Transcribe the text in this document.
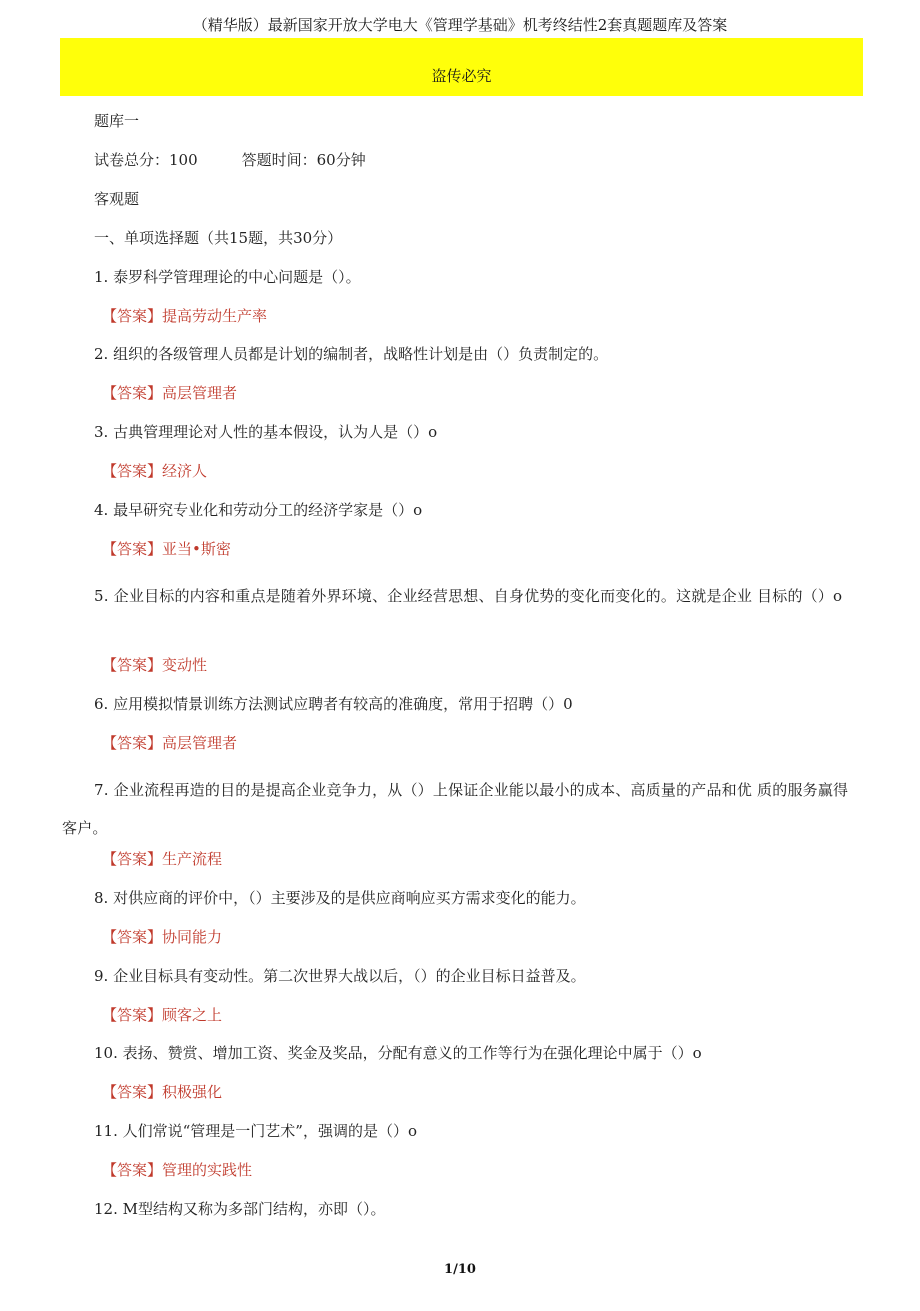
（精华版）最新国家开放大学电大《管理学基础》机考终结性2套真题题库及答案
盗传必究
题库一
试卷总分：100	答题时间：60分钟
客观题
一、单项选择题（共15题，共30分）
1. 泰罗科学管理理论的中心问题是（）。
【答案】提高劳动生产率
2. 组织的各级管理人员都是计划的编制者，战略性计划是由（）负责制定的。
【答案】高层管理者
3. 古典管理理论对人性的基本假设，认为人是（）o
【答案】经济人
4. 最早研究专业化和劳动分工的经济学家是（）o
【答案】亚当•斯密
5. 企业目标的内容和重点是随着外界环境、企业经营思想、自身优势的变化而变化的。这就是企业 目标的（）o
【答案】变动性
6. 应用模拟情景训练方法测试应聘者有较高的准确度，常用于招聘（）0
【答案】高层管理者
7. 企业流程再造的目的是提高企业竞争力，从（）上保证企业能以最小的成本、高质量的产品和优 质的服务赢得客户。
【答案】生产流程
8. 对供应商的评价中，（）主要涉及的是供应商响应买方需求变化的能力。
【答案】协同能力
9. 企业目标具有变动性。第二次世界大战以后，（）的企业目标日益普及。
【答案】顾客之上
10. 表扬、赞赏、增加工资、奖金及奖品，分配有意义的工作等行为在强化理论中属于（）o
【答案】积极强化
11. 人们常说“管理是一门艺术”，强调的是（）o
【答案】管理的实践性
12. M型结构又称为多部门结构，亦即（）。
1/10
